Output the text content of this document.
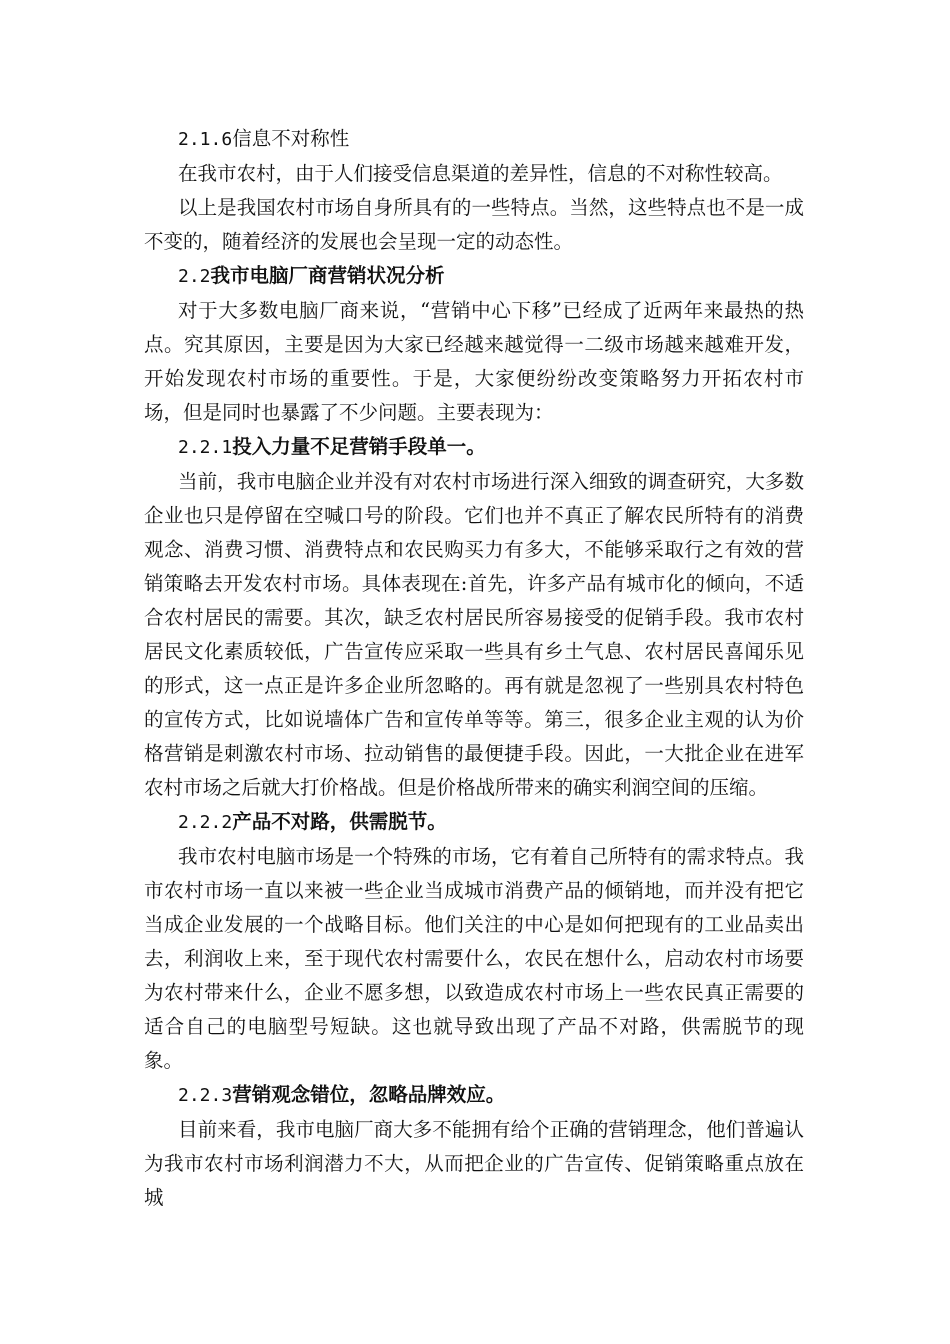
2.1.6信息不对称性

在我市农村，由于人们接受信息渠道的差异性，信息的不对称性较高。

以上是我国农村市场自身所具有的一些特点。当然，这些特点也不是一成不变的，随着经济的发展也会呈现一定的动态性。

2.2我市电脑厂商营销状况分析

对于大多数电脑厂商来说，“营销中心下移”已经成了近两年来最热的热点。究其原因，主要是因为大家已经越来越觉得一二级市场越来越难开发，开始发现农村市场的重要性。于是，大家便纷纷改变策略努力开拓农村市场，但是同时也暴露了不少问题。主要表现为：

2.2.1投入力量不足营销手段单一。

当前，我市电脑企业并没有对农村市场进行深入细致的调查研究，大多数企业也只是停留在空喊口号的阶段。它们也并不真正了解农民所特有的消费观念、消费习惯、消费特点和农民购买力有多大，不能够采取行之有效的营销策略去开发农村市场。具体表现在:首先，许多产品有城市化的倾向，不适合农村居民的需要。其次，缺乏农村居民所容易接受的促销手段。我市农村居民文化素质较低，广告宣传应采取一些具有乡土气息、农村居民喜闻乐见的形式，这一点正是许多企业所忽略的。再有就是忽视了一些别具农村特色的宣传方式，比如说墙体广告和宣传单等等。第三，很多企业主观的认为价格营销是刺激农村市场、拉动销售的最便捷手段。因此，一大批企业在进军农村市场之后就大打价格战。但是价格战所带来的确实利润空间的压缩。

2.2.2产品不对路，供需脱节。

我市农村电脑市场是一个特殊的市场，它有着自己所特有的需求特点。我市农村市场一直以来被一些企业当成城市消费产品的倾销地，而并没有把它当成企业发展的一个战略目标。他们关注的中心是如何把现有的工业品卖出去，利润收上来，至于现代农村需要什么，农民在想什么，启动农村市场要为农村带来什么，企业不愿多想，以致造成农村市场上一些农民真正需要的适合自己的电脑型号短缺。这也就导致出现了产品不对路，供需脱节的现象。

2.2.3营销观念错位，忽略品牌效应。

目前来看，我市电脑厂商大多不能拥有给个正确的营销理念，他们普遍认为我市农村市场利润潜力不大，从而把企业的广告宣传、促销策略重点放在城
